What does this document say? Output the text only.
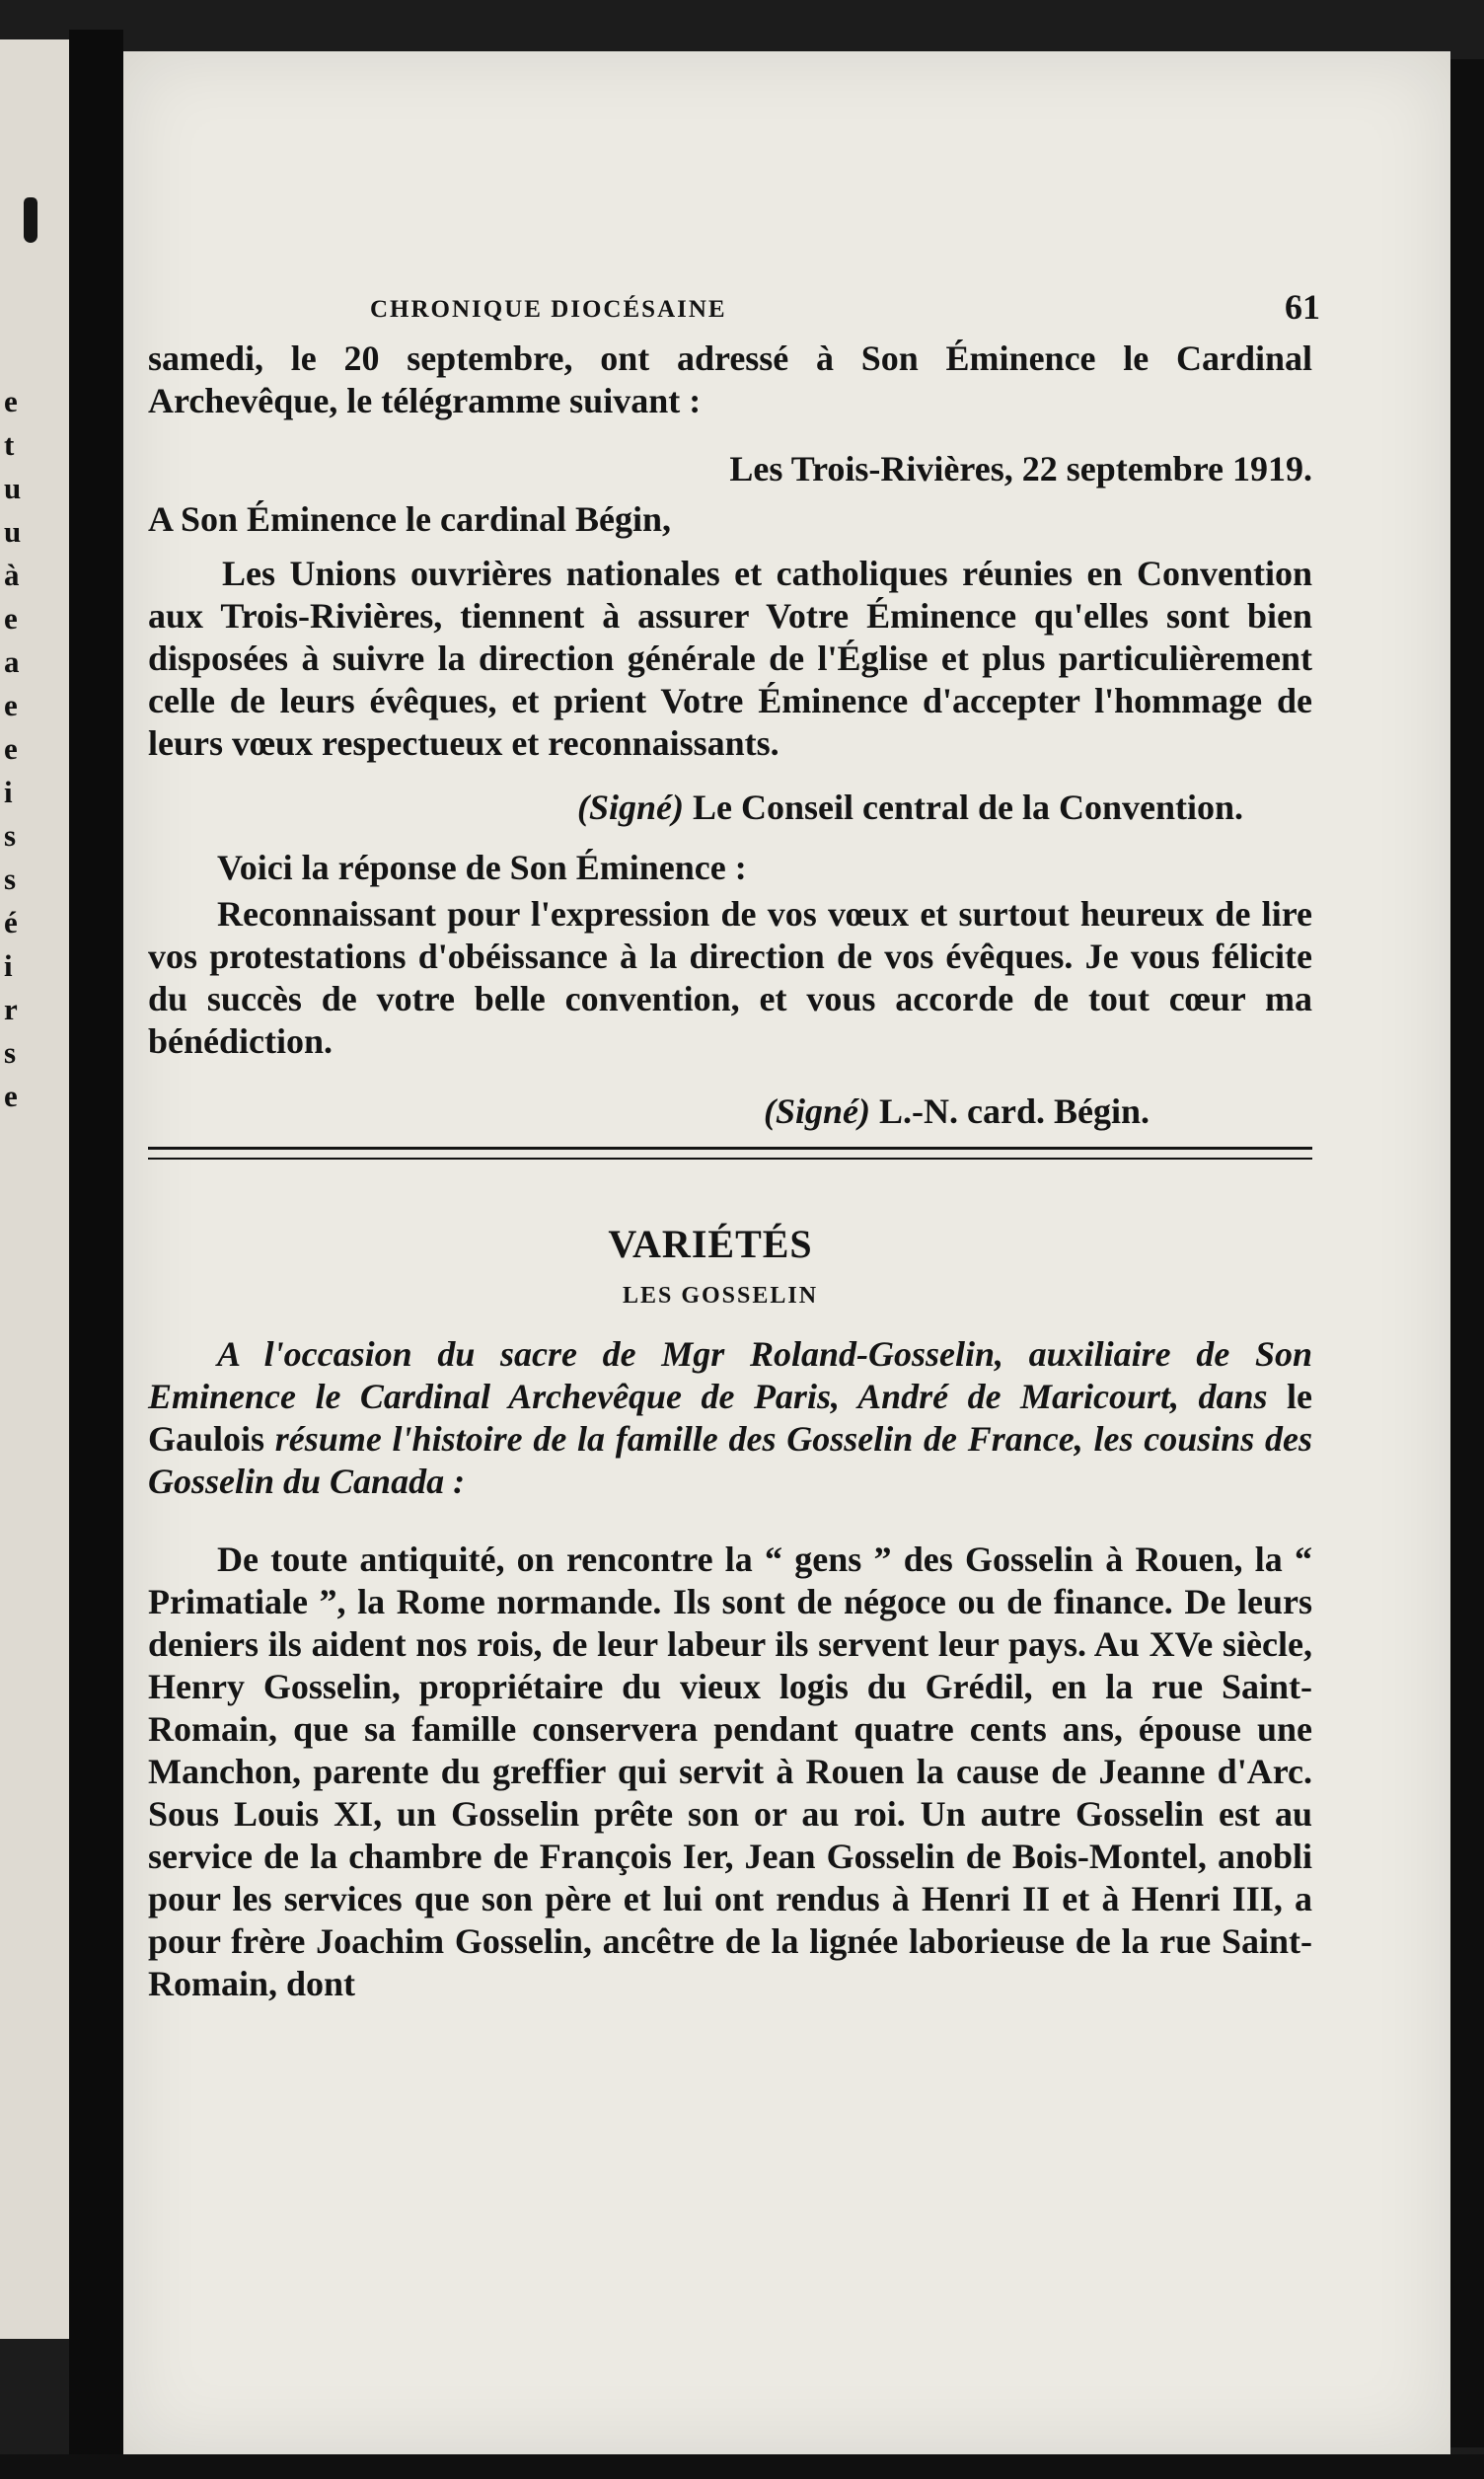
e
t
u
u
à
e
a
e
e
i
s
s
é
i
r
s
e
CHRONIQUE DIOCÉSAINE	61

samedi, le 20 septembre, ont adressé à Son Éminence le Cardinal Archevêque, le télégramme suivant :

Les Trois-Rivières, 22 septembre 1919.

A Son Éminence le cardinal Bégin,

Les Unions ouvrières nationales et catholiques réunies en Convention aux Trois-Rivières, tiennent à assurer Votre Éminence qu'elles sont bien disposées à suivre la direction générale de l'Église et plus particulièrement celle de leurs évêques, et prient Votre Éminence d'accepter l'hommage de leurs vœux respectueux et reconnaissants.

(Signé) Le Conseil central de la Convention.

Voici la réponse de Son Éminence :

Reconnaissant pour l'expression de vos vœux et surtout heureux de lire vos protestations d'obéissance à la direction de vos évêques. Je vous félicite du succès de votre belle convention, et vous accorde de tout cœur ma bénédiction.

(Signé) L.-N. card. Bégin.

VARIÉTÉS
LES GOSSELIN

A l'occasion du sacre de Mgr Roland-Gosselin, auxiliaire de Son Eminence le Cardinal Archevêque de Paris, André de Maricourt, dans le Gaulois résume l'histoire de la famille des Gosselin de France, les cousins des Gosselin du Canada :

De toute antiquité, on rencontre la “ gens ” des Gosselin à Rouen, la “ Primatiale ”, la Rome normande. Ils sont de négoce ou de finance. De leurs deniers ils aident nos rois, de leur labeur ils servent leur pays. Au XVe siècle, Henry Gosselin, propriétaire du vieux logis du Grédil, en la rue Saint-Romain, que sa famille conservera pendant quatre cents ans, épouse une Manchon, parente du greffier qui servit à Rouen la cause de Jeanne d'Arc. Sous Louis XI, un Gosselin prête son or au roi. Un autre Gosselin est au service de la chambre de François Ier, Jean Gosselin de Bois-Montel, anobli pour les services que son père et lui ont rendus à Henri II et à Henri III, a pour frère Joachim Gosselin, ancêtre de la lignée laborieuse de la rue Saint-Romain, dont
